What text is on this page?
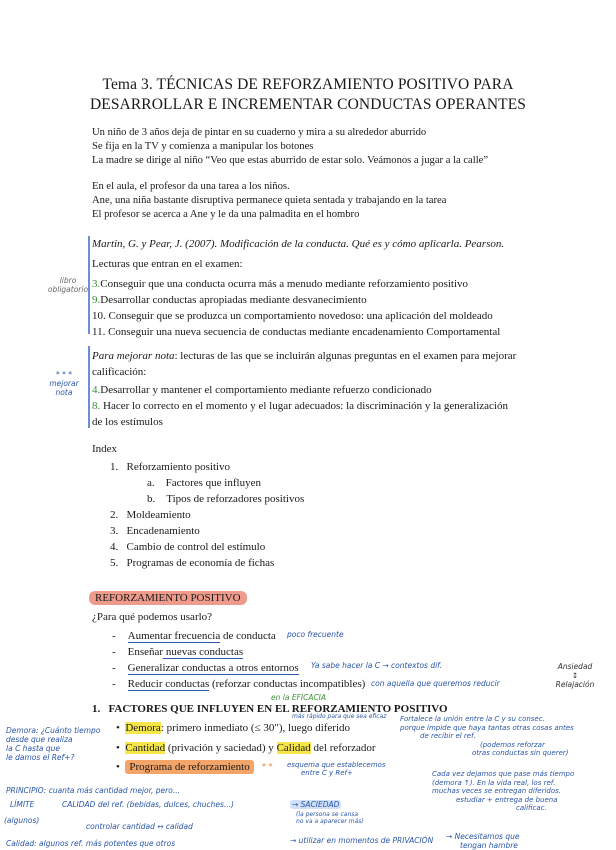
Tema 3. TÉCNICAS DE REFORZAMIENTO POSITIVO PARA
DESARROLLAR E INCREMENTAR CONDUCTAS OPERANTES
Un niño de 3 años deja de pintar en su cuaderno y mira a su alrededor aburrido
Se fija en la TV y comienza a manipular los botones
La madre se dirige al niño “Veo que estas aburrido de estar solo. Veámonos a jugar a la calle”
En el aula, el profesor da una tarea a los niños.
Ane, una niña bastante disruptiva permanece quieta sentada y trabajando en la tarea
El profesor se acerca a Ane y le da una palmadita en el hombro
libro
obligatorio
* * *
mejorar
nota
Martin, G. y Pear, J. (2007). Modificación de la conducta. Qué es y cómo aplicarla. Pearson.
Lecturas que entran en el examen:
3.Conseguir que una conducta ocurra más a menudo mediante reforzamiento positivo
9.Desarrollar conductas apropiadas mediante desvanecimiento
10. Conseguir que se produzca un comportamiento novedoso: una aplicación del moldeado
11. Conseguir una nueva secuencia de conductas mediante encadenamiento Comportamental
Para mejorar nota: lecturas de las que se incluirán algunas preguntas en el examen para mejorar
calificación:
4.Desarrollar y mantener el comportamiento mediante refuerzo condicionado
8. Hacer lo correcto en el momento y el lugar adecuados: la discriminación y la generalización
de los estímulos
Index
1. Reforzamiento positivo
a. Factores que influyen
b. Tipos de reforzadores positivos
2. Moldeamiento
3. Encadenamiento
4. Cambio de control del estímulo
5. Programas de economía de fichas
REFORZAMIENTO POSITIVO
¿Para qué podemos usarlo?
- Aumentar frecuencia de conducta
- Enseñar nuevas conductas
- Generalizar conductas a otros entornos
- Reducir conductas (reforzar conductas incompatibles)
poco frecuente
Ya sabe hacer la C → contextos dif.
con aquella que queremos reducir
Ansiedad
↕
Relajación
en la EFICACIA
1. FACTORES QUE INFLUYEN EN EL REFORZAMIENTO POSITIVO
•  Demora: primero inmediato (≤ 30"), luego diferido
•  Cantidad (privación y saciedad) y Calidad del reforzador
•  Programa de reforzamiento	* *
Demora: ¿Cuánto tiempo
desde que realiza
la C hasta que
le damos el Ref+?
más rápido para que sea eficaz Fortalece la unión entre la C y su consec.
porque impide que haya tantas otras cosas antes
de recibir el ref.
(podemos reforzar
otras conductas sin querer)
esquema que establecemos
entre C y Ref+	Cada vez dejamos que pase más tiempo
(demora ↑). En la vida real, los ref.
muchas veces se entregan diferidos.
estudiar + entrega de buena
calificac.
PRINCIPIO: cuanta más cantidad mejor, pero...
LÍMITE
(algunos)
CALIDAD del ref. (bebidas, dulces, chuches...)	→ SACIEDAD
(la persona se cansa
no va a aparecer más)
controlar cantidad ↔ calidad
→ utilizar en momentos de PRIVACIÓN → Necesitamos que
tengan hambre
Calidad: algunos ref. más potentes que otros
